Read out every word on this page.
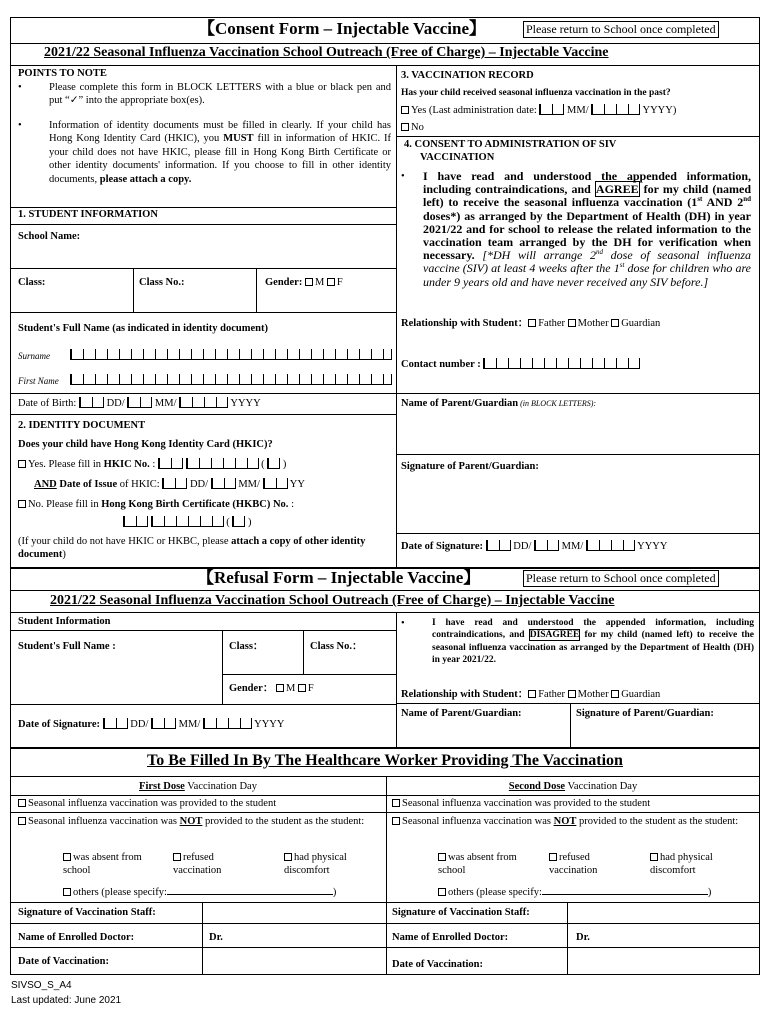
【Consent Form – Injectable Vaccine】	Please return to School once completed
2021/22 Seasonal Influenza Vaccination School Outreach (Free of Charge) – Injectable Vaccine
POINTS TO NOTE
•	Please complete this form in BLOCK LETTERS with a blue or black pen and put “✓” into the appropriate box(es).
•	Information of identity documents must be filled in clearly. If your child has Hong Kong Identity Card (HKIC), you MUST fill in information of HKIC. If your child does not have HKIC, please fill in Hong Kong Birth Certificate or other identity documents' information. If you choose to fill in other identity documents, please attach a copy.
1. STUDENT INFORMATION
School Name:
Class:	Class No.:	Gender: M F
Student's Full Name (as indicated in identity document)
Surname
First Name
Date of Birth:	DD/	MM/	YYYY
2. IDENTITY DOCUMENT
Does your child have Hong Kong Identity Card (HKIC)?
Yes. Please fill in HKIC No. :	(  )
AND Date of Issue of HKIC:	DD/	MM/	YY
No. Please fill in Hong Kong Birth Certificate (HKBC) No. :
(  )
(If your child do not have HKIC or HKBC, please attach a copy of other identity document)
3. VACCINATION RECORD
Has your child received seasonal influenza vaccination in the past?
Yes (Last administration date:	MM/	YYYY)
No
4. CONSENT TO ADMINISTRATION OF SIV
VACCINATION
• I have read and understood the appended information, including contraindications, and AGREE for my child (named left) to receive the seasonal influenza vaccination (1st AND 2nd doses*) as arranged by the Department of Health (DH) in year 2021/22 and for school to release the related information to the vaccination team arranged by the DH for verification when necessary. [*DH will arrange 2nd dose of seasonal influenza vaccine (SIV) at least 4 weeks after the 1st dose for children who are under 9 years old and have never received any SIV before.]
Relationship with Student： Father Mother Guardian
Contact number :
Name of Parent/Guardian (in BLOCK LETTERS):
Signature of Parent/Guardian:
Date of Signature:	DD/	MM/	YYYY
【Refusal Form – Injectable Vaccine】	Please return to School once completed
2021/22 Seasonal Influenza Vaccination School Outreach (Free of Charge) – Injectable Vaccine
Student Information
Student's Full Name :	Class：	Class No.：
Gender： M F
Date of Signature:	DD/	MM/	YYYY
•	I have read and understood the appended information, including contraindications, and DISAGREE for my child (named left) to receive the seasonal influenza vaccination as arranged by the Department of Health (DH) in year 2021/22.
Relationship with Student： Father Mother Guardian
Name of Parent/Guardian:	Signature of Parent/Guardian:
To Be Filled In By The Healthcare Worker Providing The Vaccination
First Dose Vaccination Day
Seasonal influenza vaccination was provided to the student
Seasonal influenza vaccination was NOT provided to the student as the student:
was absent from school
refused vaccination
had physical discomfort
others (please specify:	)
Signature of Vaccination Staff:
Name of Enrolled Doctor:	Dr.
Date of Vaccination:
Second Dose Vaccination Day
Seasonal influenza vaccination was provided to the student
Seasonal influenza vaccination was NOT provided to the student as the student:
was absent from school
refused vaccination
had physical discomfort
others (please specify:	)
Signature of Vaccination Staff:
Name of Enrolled Doctor:	Dr.
Date of Vaccination:
SIVSO_S_A4
Last updated: June 2021
